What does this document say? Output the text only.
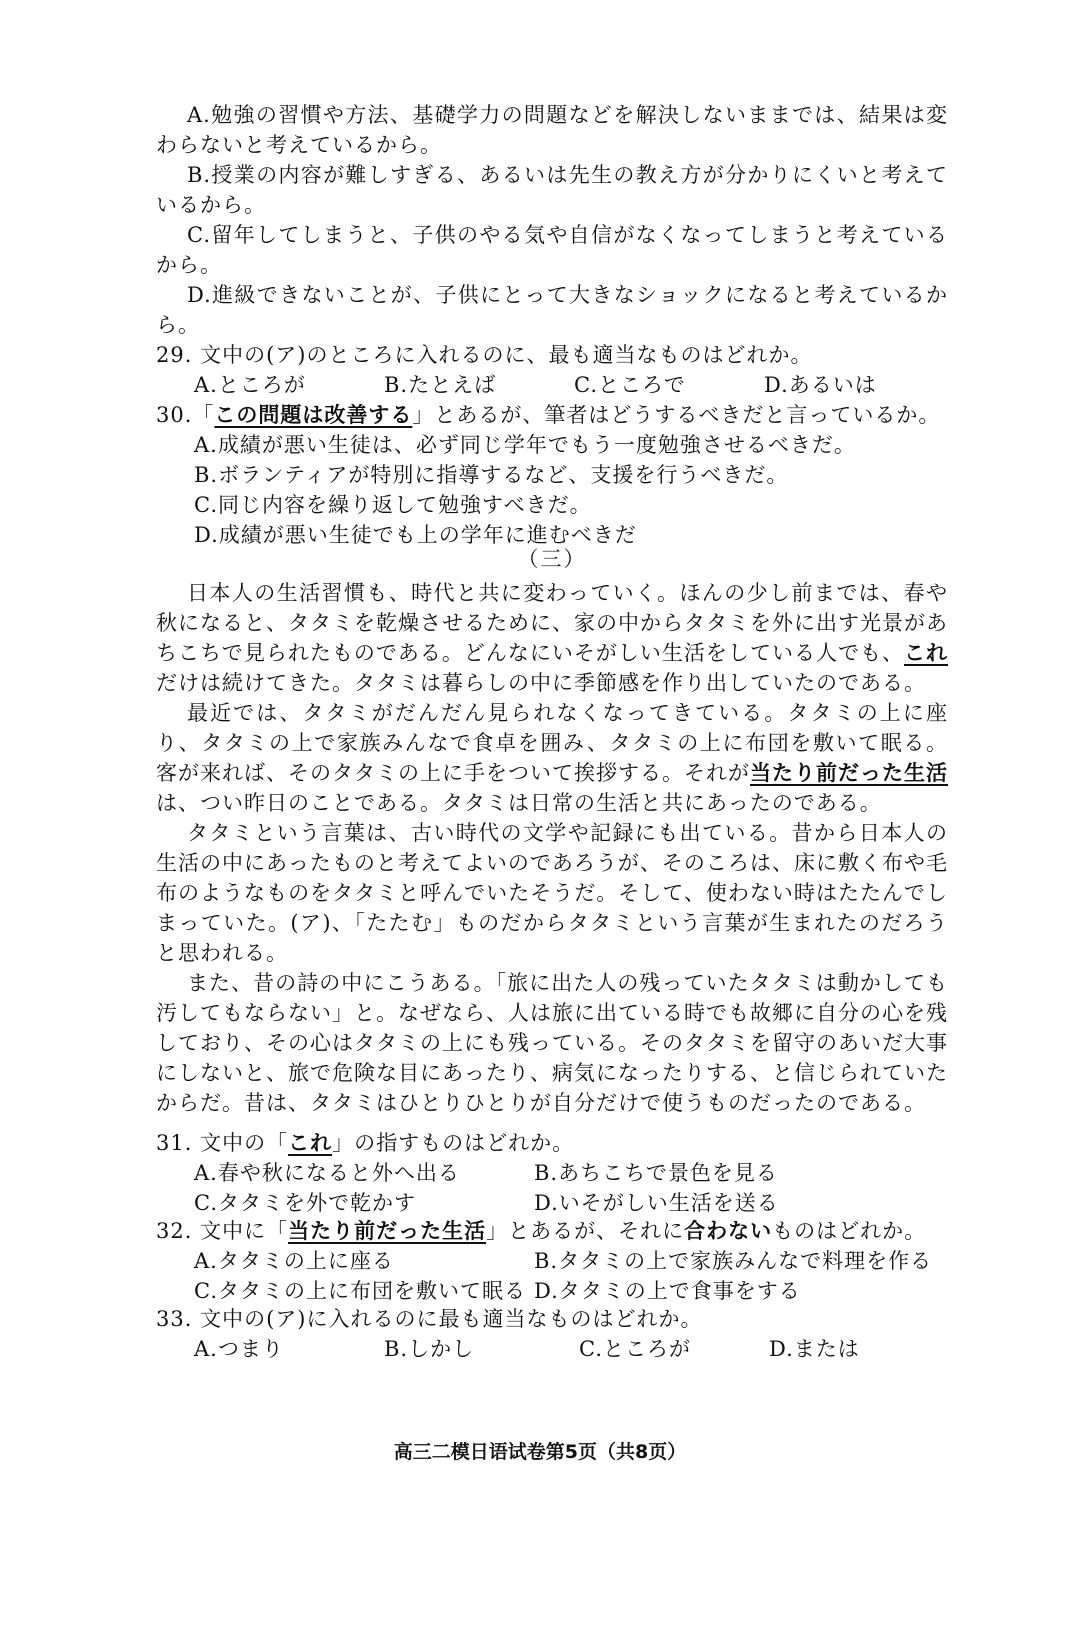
A.勉強の習慣や方法、基礎学力の問題などを解決しないままでは、結果は変わらないと考えているから。

B.授業の内容が難しすぎる、あるいは先生の教え方が分かりにくいと考えているから。

C.留年してしまうと、子供のやる気や自信がなくなってしまうと考えているから。

D.進級できないことが、子供にとって大きなショックになると考えているから。

29. 文中の(ア)のところに入れるのに、最も適当なものはどれか。

A.ところが	B.たとえば	C.ところで	D.あるいは

30.「この問題は改善する」とあるが、筆者はどうするべきだと言っているか。

A.成績が悪い生徒は、必ず同じ学年でもう一度勉強させるべきだ。

B.ボランティアが特別に指導するなど、支援を行うべきだ。

C.同じ内容を繰り返して勉強すべきだ。

D.成績が悪い生徒でも上の学年に進むべきだ

（三）

日本人の生活習慣も、時代と共に変わっていく。ほんの少し前までは、春や秋になると、タタミを乾燥させるために、家の中からタタミを外に出す光景があちこちで見られたものである。どんなにいそがしい生活をしている人でも、これだけは続けてきた。タタミは暮らしの中に季節感を作り出していたのである。

最近では、タタミがだんだん見られなくなってきている。タタミの上に座り、タタミの上で家族みんなで食卓を囲み、タタミの上に布団を敷いて眠る。客が来れば、そのタタミの上に手をついて挨拶する。それが当たり前だった生活は、つい昨日のことである。タタミは日常の生活と共にあったのである。

タタミという言葉は、古い時代の文学や記録にも出ている。昔から日本人の生活の中にあったものと考えてよいのであろうが、そのころは、床に敷く布や毛布のようなものをタタミと呼んでいたそうだ。そして、使わない時はたたんでしまっていた。(ア)、「たたむ」ものだからタタミという言葉が生まれたのだろうと思われる。

また、昔の詩の中にこうある。「旅に出た人の残っていたタタミは動かしても汚してもならない」と。なぜなら、人は旅に出ている時でも故郷に自分の心を残しており、その心はタタミの上にも残っている。そのタタミを留守のあいだ大事にしないと、旅で危険な目にあったり、病気になったりする、と信じられていたからだ。昔は、タタミはひとりひとりが自分だけで使うものだったのである。

31. 文中の「これ」の指すものはどれか。

A.春や秋になると外へ出る	B.あちこちで景色を見る
C.タタミを外で乾かす	D.いそがしい生活を送る

32. 文中に「当たり前だった生活」とあるが、それに合わないものはどれか。

A.タタミの上に座る	B.タタミの上で家族みんなで料理を作る
C.タタミの上に布団を敷いて眠る D.タタミの上で食事をする

33. 文中の(ア)に入れるのに最も適当なものはどれか。

A.つまり	B.しかし	C.ところが	D.または
高三二模日语试卷第5页（共8页）
